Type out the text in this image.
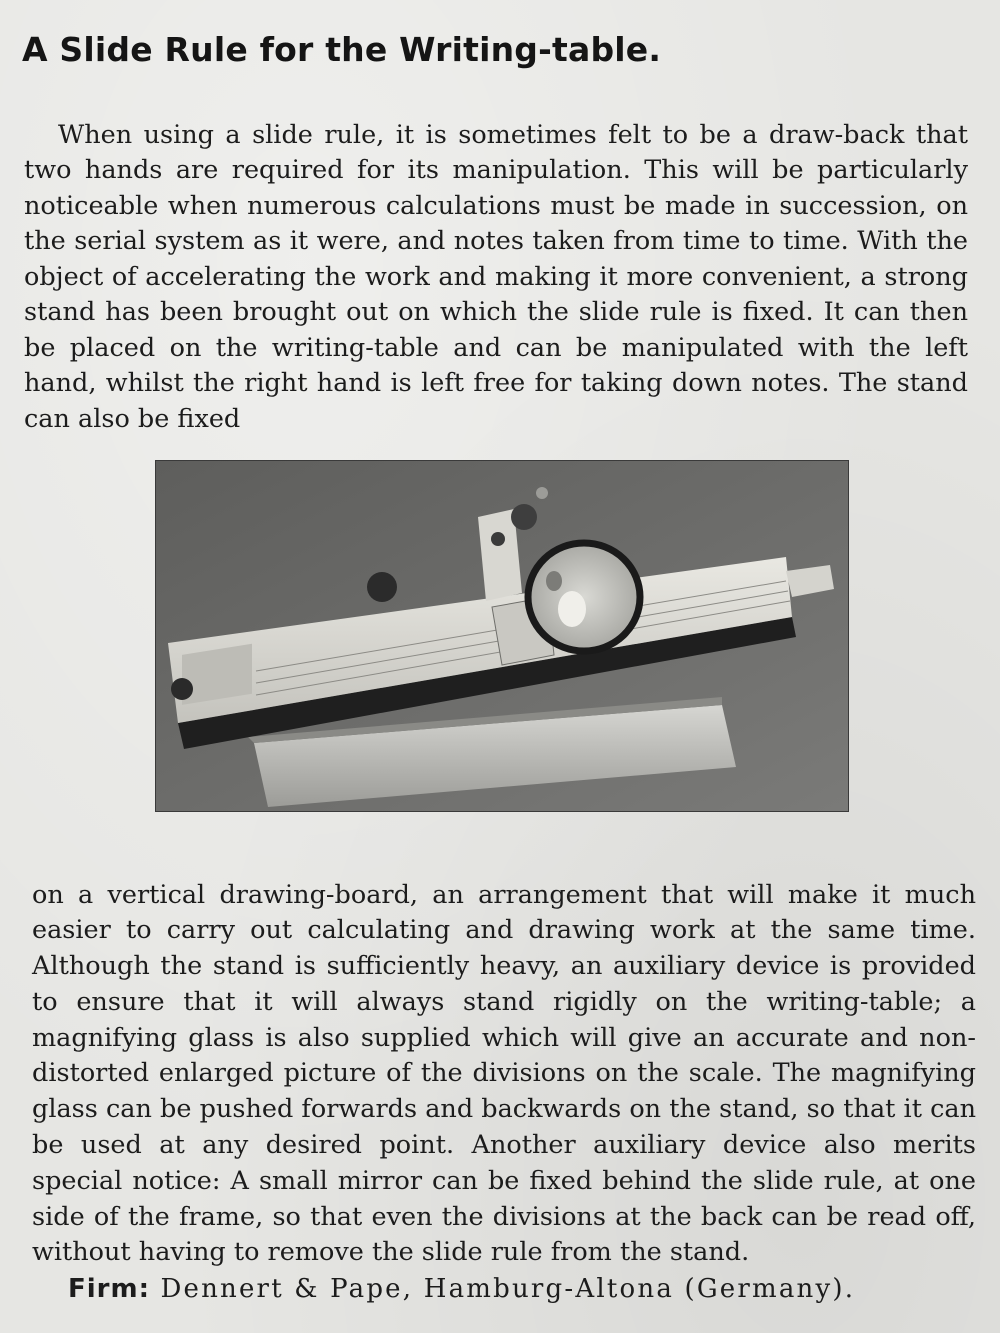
A Slide Rule for the Writing-table.

When using a slide rule, it is sometimes felt to be a draw-back that two hands are required for its manipulation. This will be particularly noticeable when numerous calculations must be made in succession, on the serial system as it were, and notes taken from time to time. With the object of accelerating the work and making it more convenient, a strong stand has been brought out on which the slide rule is fixed. It can then be placed on the writing-table and can be manipulated with the left hand, whilst the right hand is left free for taking down notes. The stand can also be fixed

on a vertical drawing-board, an arrangement that will make it much easier to carry out calculating and drawing work at the same time. Although the stand is sufficiently heavy, an auxiliary device is provided to ensure that it will always stand rigidly on the writing-table; a magnifying glass is also supplied which will give an accurate and non-distorted enlarged picture of the divisions on the scale. The magnifying glass can be pushed forwards and backwards on the stand, so that it can be used at any desired point. Another auxiliary device also merits special notice: A small mirror can be fixed behind the slide rule, at one side of the frame, so that even the divisions at the back can be read off, without having to remove the slide rule from the stand.

Firm: Dennert & Pape, Hamburg-Altona (Germany).
